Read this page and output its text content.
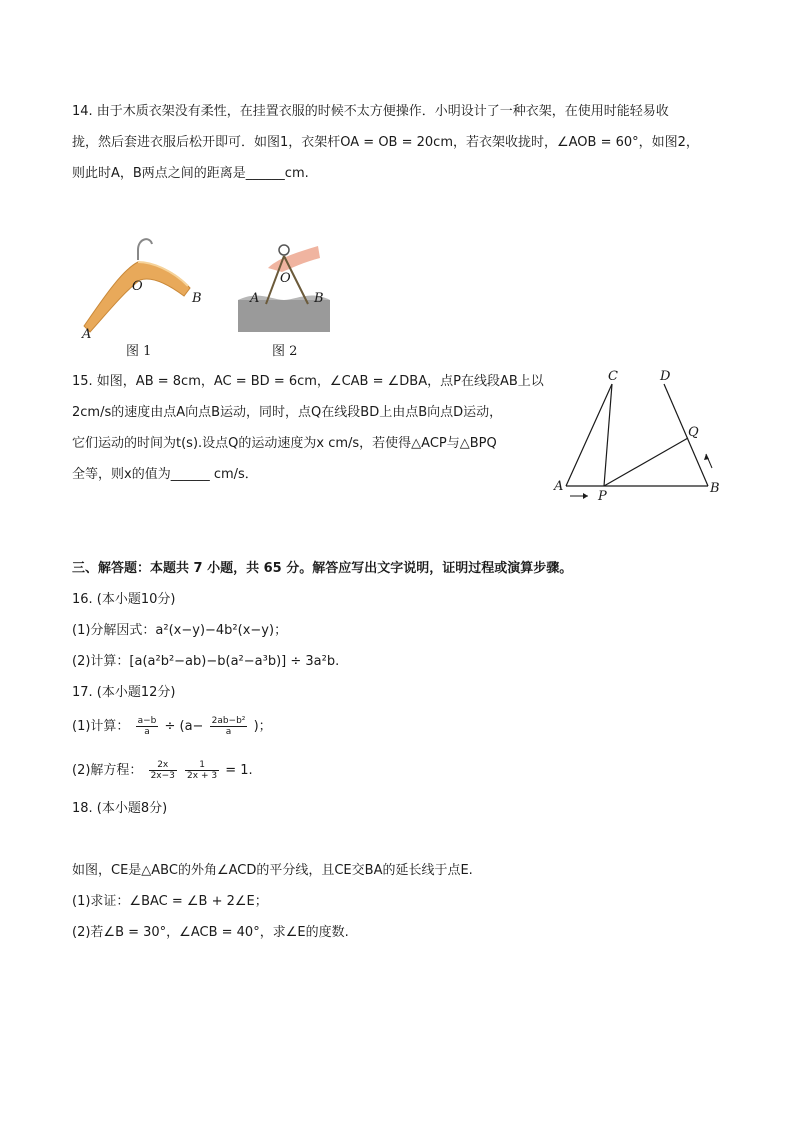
14. 由于木质衣架没有柔性，在挂置衣服的时候不太方便操作．小明设计了一种衣架，在使用时能轻易收
拢，然后套进衣服后松开即可．如图1，衣架杆OA = OB = 20cm，若衣架收拢时，∠AOB = 60°，如图2，
则此时A，B两点之间的距离是______cm.
O
B
A
图 1
O
A	B
图 2
15. 如图，AB = 8cm，AC = BD = 6cm，∠CAB = ∠DBA，点P在线段AB上以
2cm/s的速度由点A向点B运动，同时，点Q在线段BD上由点B向点D运动，
它们运动的时间为t(s).设点Q的运动速度为x cm/s，若使得△ACP与△BPQ
全等，则x的值为______ cm/s．
C	D
Q
A
P
B
三、解答题：本题共 7 小题，共 65 分。解答应写出文字说明，证明过程或演算步骤。
16. (本小题10分)
(1)分解因式：a²(x−y)−4b²(x−y)；
(2)计算：[a(a²b²−ab)−b(a²−a³b)] ÷ 3a²b.
17. (本小题12分)
(1)计算： $\frac{a-b}{a} \div (a- \frac{\text{2ab−b²}}{a}$ )；
(2)解方程： $\frac{2x}{2x-3}$
$\frac{1}{2x + 3} = 1$.
18. (本小题8分)
如图，CE是△ABC的外角∠ACD的平分线，且CE交BA的延长线于点E.
(1)求证：∠BAC = ∠B + 2∠E；
(2)若∠B = 30°，∠ACB = 40°，求∠E的度数.
